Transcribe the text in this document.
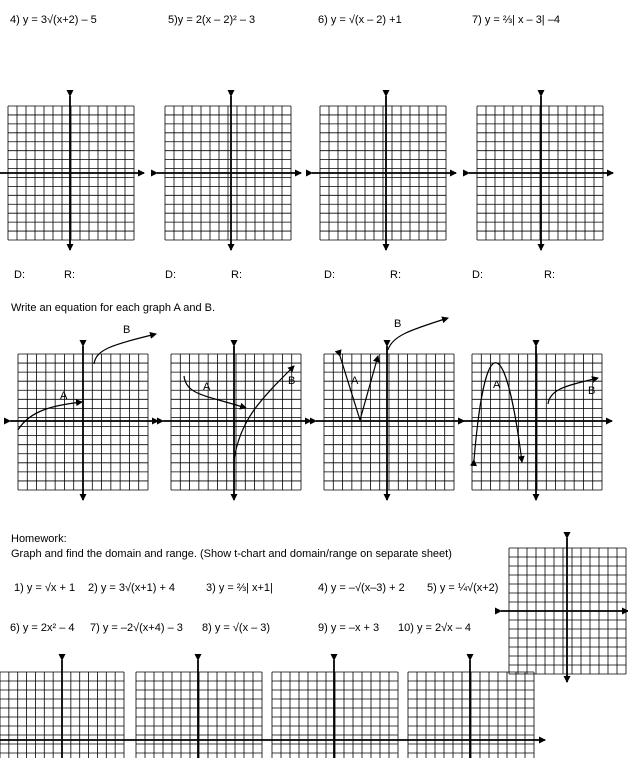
4) y = 3√(x+2) – 5	5)y = 2(x – 2)² – 3	6) y = √(x – 2) +1	7) y = ⅔| x – 3| –4
D:	R:	D:	R:	D:	R:	D:	R:
Write an equation for each graph A and B.
A
B
A	B	A
B
A	B
Homework:
Graph and find the domain and range. (Show t-chart and domain/range on separate sheet)
1) y = √x + 1 2) y = 3√(x+1) + 4	3) y = ⅔| x+1|	4) y = –√(x–3) + 2 5) y = ¼√(x+2)
6) y = 2x² – 4 7) y = –2√(x+4) – 3 8) y = √(x – 3)	9) y = –x + 3 10) y = 2√x – 4
